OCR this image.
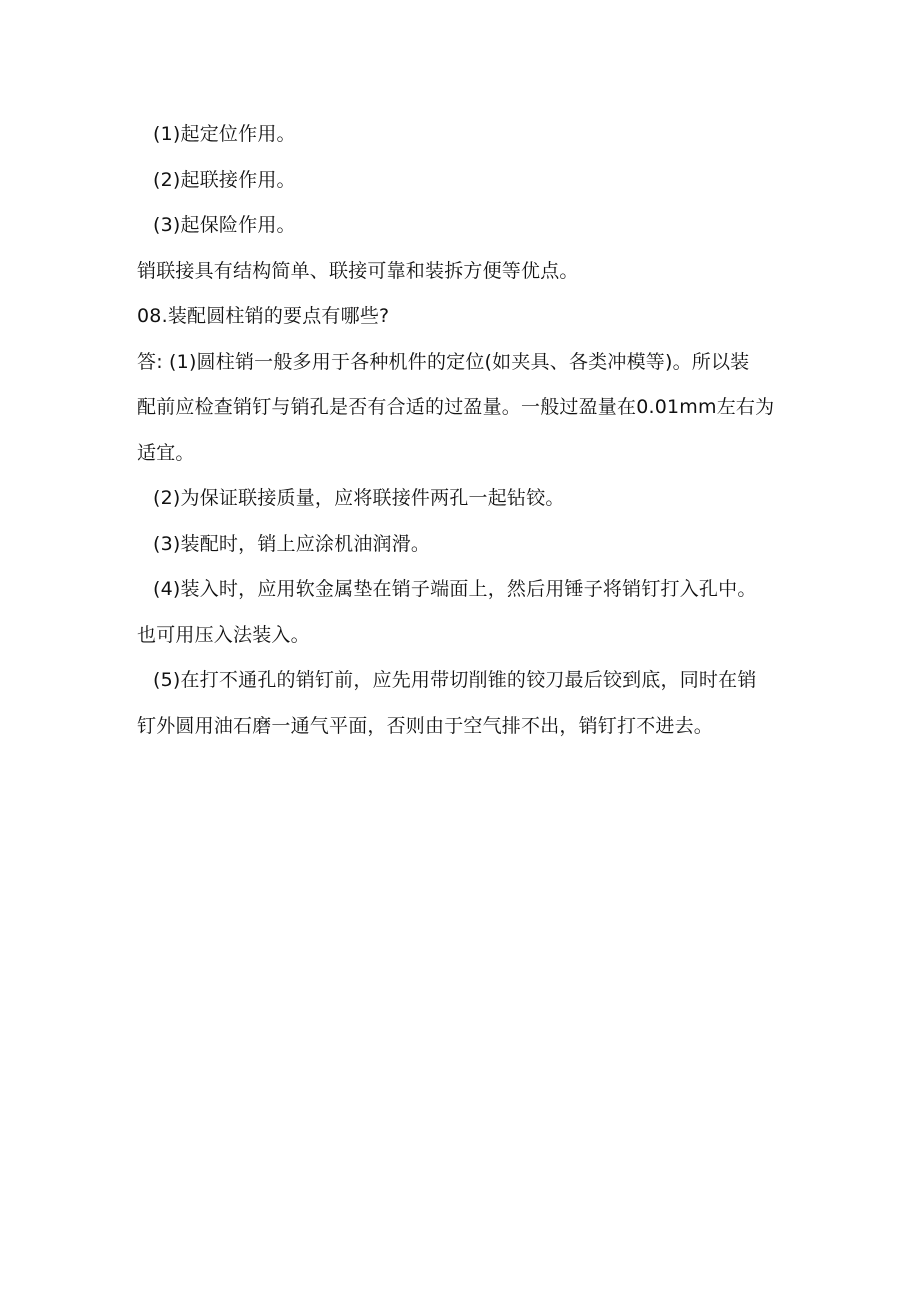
(1)起定位作用。
(2)起联接作用。
(3)起保险作用。
销联接具有结构简单、联接可靠和装拆方便等优点。
08.装配圆柱销的要点有哪些?
答: (1)圆柱销一般多用于各种机件的定位(如夹具、各类冲模等)。所以装
配前应检查销钉与销孔是否有合适的过盈量。一般过盈量在0.01mm左右为
适宜。
(2)为保证联接质量，应将联接件两孔一起钻铰。
(3)装配时，销上应涂机油润滑。
(4)装入时，应用软金属垫在销子端面上，然后用锤子将销钉打入孔中。
也可用压入法装入。
(5)在打不通孔的销钉前，应先用带切削锥的铰刀最后铰到底，同时在销
钉外圆用油石磨一通气平面，否则由于空气排不出，销钉打不进去。
